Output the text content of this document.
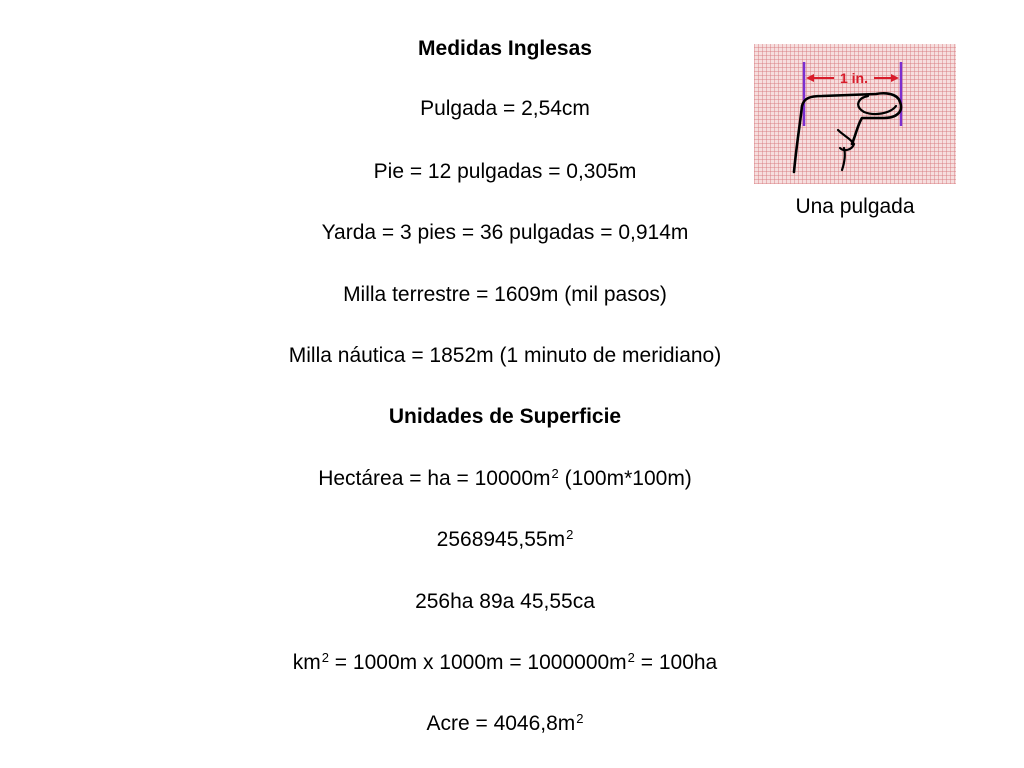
Medidas Inglesas
Pulgada = 2,54cm
Pie = 12 pulgadas = 0,305m
Yarda = 3 pies = 36 pulgadas = 0,914m
Milla terrestre = 1609m (mil pasos)
Milla náutica = 1852m (1 minuto de meridiano)
Unidades de Superficie
Hectárea = ha = $10000m^2$ (100m*100m)
$2568945,55m^2$
256ha 89a 45,55ca
$km^2 = 1000m$ x $1000m = 1000000m^2 = 100ha$
Acre = $4046,8m^2$
1 in.
Una pulgada
